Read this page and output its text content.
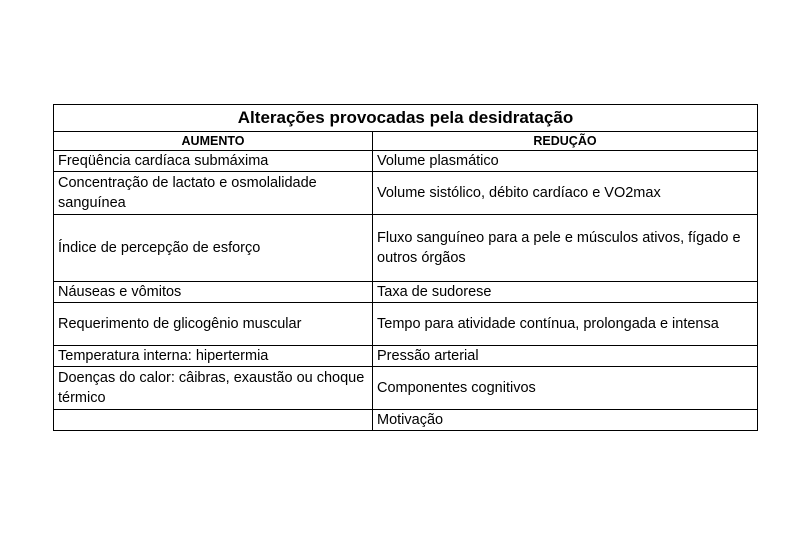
Alterações provocadas pela desidratação	
AUMENTO	REDUÇÃO
Freqüência cardíaca submáxima	Volume plasmático
Concentração de lactato e osmolalidade sanguínea	Volume sistólico, débito cardíaco e VO2max
Índice de percepção de esforço	Fluxo sanguíneo para a pele e músculos ativos, fígado e outros órgãos
Náuseas e vômitos	Taxa de sudorese
Requerimento de glicogênio muscular	Tempo para atividade contínua, prolongada e intensa
Temperatura interna: hipertermia	Pressão arterial
Doenças do calor: câibras, exaustão ou choque térmico	Componentes cognitivos
	Motivação
